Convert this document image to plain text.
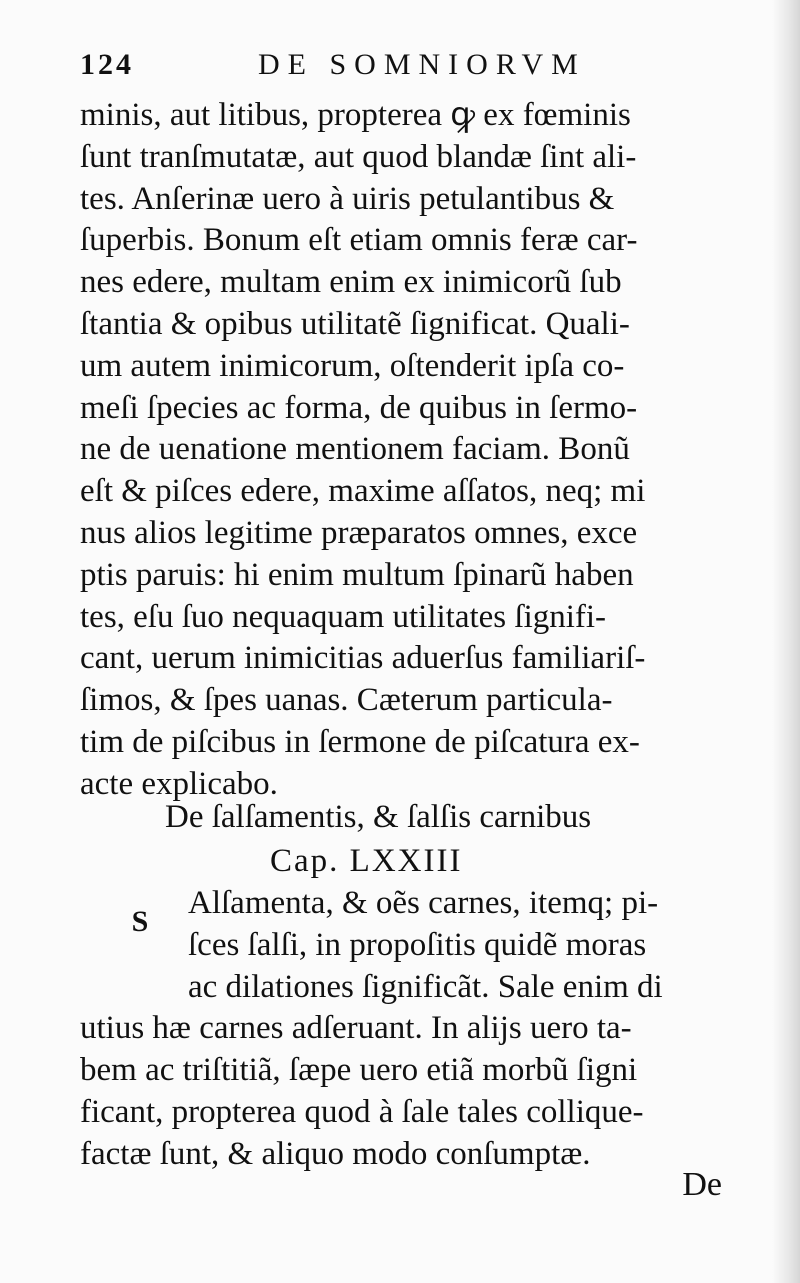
124	DE SOMNIORVM
minis, aut litibus, propterea ꝙ ex fœminis
ſunt tranſmutatæ, aut quod blandæ ſint ali-
tes. Anſerinæ uero à uiris petulantibus &
ſuperbis. Bonum eſt etiam omnis feræ car-
nes edere, multam enim ex inimicorũ ſub
ſtantia & opibus utilitatẽ ſignificat. Quali-
um autem inimicorum, oſtenderit ipſa co-
meſi ſpecies ac forma, de quibus in ſermo-
ne de uenatione mentionem faciam. Bonũ
eſt & piſces edere, maxime aſſatos, neq; mi
nus alios legitime præparatos omnes, exce
ptis paruis: hi enim multum ſpinarũ haben
tes, eſu ſuo nequaquam utilitates ſignifi-
cant, uerum inimicitias aduerſus familiariſ-
ſimos, & ſpes uanas. Cæterum particula-
tim de piſcibus in ſermone de piſcatura ex-
acte explicabo.
De ſalſamentis, & ſalſis carnibus
Cap. LXXIII
S
Alſamenta, & oẽs carnes, itemq; pi-
ſces ſalſi, in propoſitis quidẽ moras
ac dilationes ſignificãt. Sale enim di
utius hæ carnes adſeruant. In alijs uero ta-
bem ac triſtitiã, ſæpe uero etiã morbũ ſigni
ficant, propterea quod à ſale tales collique-
factæ ſunt, & aliquo modo conſumptæ.
De
